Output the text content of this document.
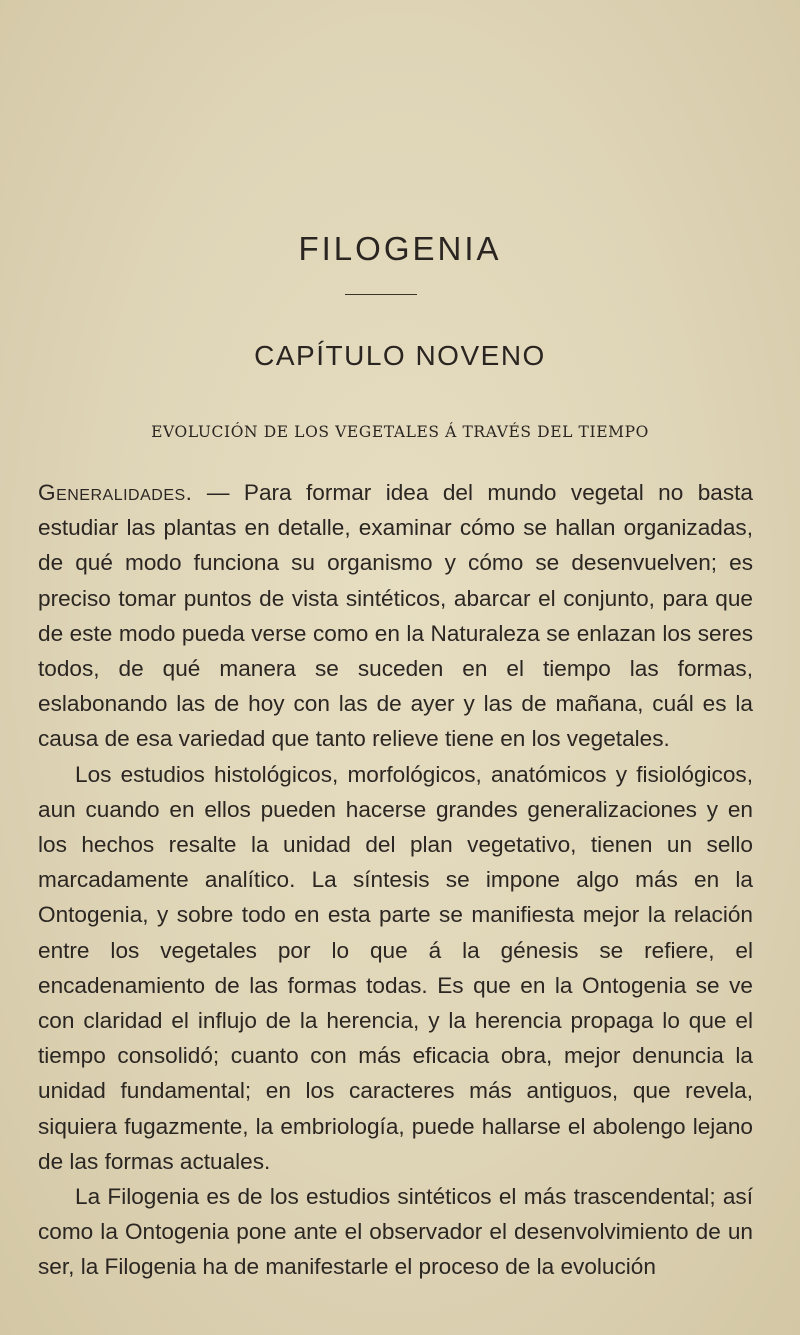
FILOGENIA
CAPÍTULO NOVENO
EVOLUCIÓN DE LOS VEGETALES Á TRAVÉS DEL TIEMPO

Generalidades. — Para formar idea del mundo vegetal no basta estudiar las plantas en detalle, examinar cómo se hallan organizadas, de qué modo funciona su organismo y cómo se desenvuelven; es preciso tomar puntos de vista sintéticos, abarcar el conjunto, para que de este modo pueda verse como en la Naturaleza se enlazan los seres todos, de qué manera se suceden en el tiempo las formas, eslabonando las de hoy con las de ayer y las de mañana, cuál es la causa de esa variedad que tanto relieve tiene en los vegetales.

Los estudios histológicos, morfológicos, anatómicos y fisiológicos, aun cuando en ellos pueden hacerse grandes generalizaciones y en los hechos resalte la unidad del plan vegetativo, tienen un sello marcadamente analítico. La síntesis se impone algo más en la Ontogenia, y sobre todo en esta parte se manifiesta mejor la relación entre los vegetales por lo que á la génesis se refiere, el encadenamiento de las formas todas. Es que en la Ontogenia se ve con claridad el influjo de la herencia, y la herencia propaga lo que el tiempo consolidó; cuanto con más eficacia obra, mejor denuncia la unidad fundamental; en los caracteres más antiguos, que revela, siquiera fugazmente, la embriología, puede hallarse el abolengo lejano de las formas actuales.

La Filogenia es de los estudios sintéticos el más trascendental; así como la Ontogenia pone ante el observador el desenvolvimiento de un ser, la Filogenia ha de manifestarle el proceso de la evolución
